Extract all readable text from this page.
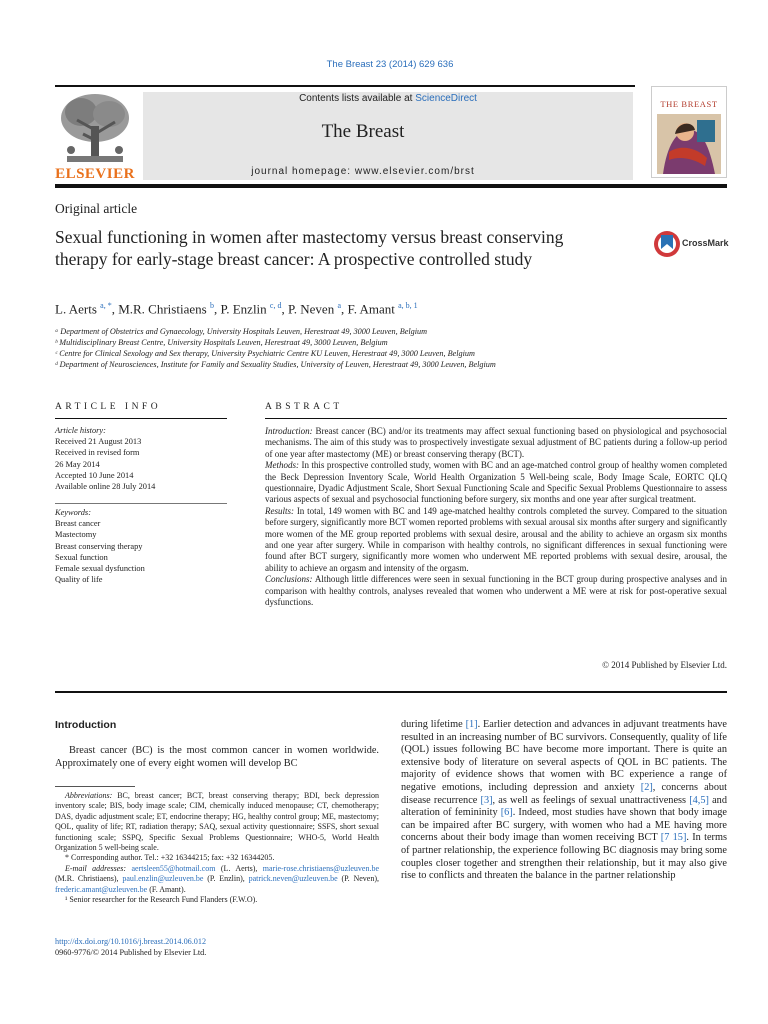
The Breast 23 (2014) 629 636
ELSEVIER
Contents lists available at ScienceDirect
The Breast
journal homepage: www.elsevier.com/brst
THE BREAST
Original article
Sexual functioning in women after mastectomy versus breast conserving therapy for early-stage breast cancer: A prospective controlled study
CrossMark
L. Aerts $^{a, *}$, M.R. Christiaens $^b$, P. Enzlin $^{c, d}$, P. Neven $^a$, F. Amant $^{a, b, 1}$
ᵃ Department of Obstetrics and Gynaecology, University Hospitals Leuven, Herestraat 49, 3000 Leuven, Belgium
ᵇ Multidisciplinary Breast Centre, University Hospitals Leuven, Herestraat 49, 3000 Leuven, Belgium
ᶜ Centre for Clinical Sexology and Sex therapy, University Psychiatric Centre KU Leuven, Herestraat 49, 3000 Leuven, Belgium
ᵈ Department of Neurosciences, Institute for Family and Sexuality Studies, University of Leuven, Herestraat 49, 3000 Leuven, Belgium
ARTICLE INFO
Article history:
Received 21 August 2013
Received in revised form
26 May 2014
Accepted 10 June 2014
Available online 28 July 2014
Keywords:
Breast cancer
Mastectomy
Breast conserving therapy
Sexual function
Female sexual dysfunction
Quality of life
ABSTRACT
Introduction: Breast cancer (BC) and/or its treatments may affect sexual functioning based on physiological and psychosocial mechanisms. The aim of this study was to prospectively investigate sexual adjustment of BC patients during a follow-up period of one year after mastectomy (ME) or breast conserving therapy (BCT).
Methods: In this prospective controlled study, women with BC and an age-matched control group of healthy women completed the Beck Depression Inventory Scale, World Health Organization 5 Well-being scale, Body Image Scale, EORTC QLQ questionnaire, Dyadic Adjustment Scale, Short Sexual Functioning Scale and Specific Sexual Problems Questionnaire to assess various aspects of sexual and psychosocial functioning before surgery, six months and one year after surgical treatment.
Results: In total, 149 women with BC and 149 age-matched healthy controls completed the survey. Compared to the situation before surgery, significantly more BCT women reported problems with sexual arousal six months after surgery and significantly more women of the ME group reported problems with sexual desire, arousal and the ability to achieve an orgasm six months and one year after surgery. While in comparison with healthy controls, no significant differences in sexual functioning were found after BCT surgery, significantly more women who underwent ME reported problems with sexual desire, arousal, the ability to achieve an orgasm and intensity of the orgasm.
Conclusions: Although little differences were seen in sexual functioning in the BCT group during prospective analyses and in comparison with healthy controls, analyses revealed that women who underwent a ME were at risk for post-operative sexual dysfunctions.
© 2014 Published by Elsevier Ltd.
Introduction
Breast cancer (BC) is the most common cancer in women worldwide. Approximately one of every eight women will develop BC

Abbreviations: BC, breast cancer; BCT, breast conserving therapy; BDI, beck depression inventory scale; BIS, body image scale; CIM, chemically induced menopause; CT, chemotherapy; DAS, dyadic adjustment scale; ET, endocrine therapy; HG, healthy control group; ME, mastectomy; QOL, quality of life; RT, radiation therapy; SAQ, sexual activity questionnaire; SSFS, short sexual functioning scale; SSPQ, Specific Sexual Problems Questionnaire; WHO-5, World Health Organization 5 well-being scale.

* Corresponding author. Tel.: +32 16344215; fax: +32 16344205.

E-mail addresses: aertsleen55@hotmail.com (L. Aerts), marie-rose.christiaens@uzleuven.be (M.R. Christiaens), paul.enzlin@uzleuven.be (P. Enzlin), patrick.neven@uzleuven.be (P. Neven), frederic.amant@uzleuven.be (F. Amant).

¹ Senior researcher for the Research Fund Flanders (F.W.O).

http://dx.doi.org/10.1016/j.breast.2014.06.012
0960-9776/© 2014 Published by Elsevier Ltd.
during lifetime [1]. Earlier detection and advances in adjuvant treatments have resulted in an increasing number of BC survivors. Consequently, quality of life (QOL) issues following BC have become more important. There is quite an extensive body of literature on several aspects of QOL in BC patients. The majority of evidence shows that women with BC experience a range of negative emotions, including depression and anxiety [2], concerns about disease recurrence [3], as well as feelings of sexual unattractiveness [4,5] and alteration of femininity [6]. Indeed, most studies have shown that body image can be impaired after BC surgery, with women who had a ME having more concerns about their body image than women receiving BCT [7 15]. In terms of partner relationship, the experience following BC diagnosis may bring some couples closer together and strengthen their relationship, but it may also give rise to conflicts and threaten the balance in the partner relationship
